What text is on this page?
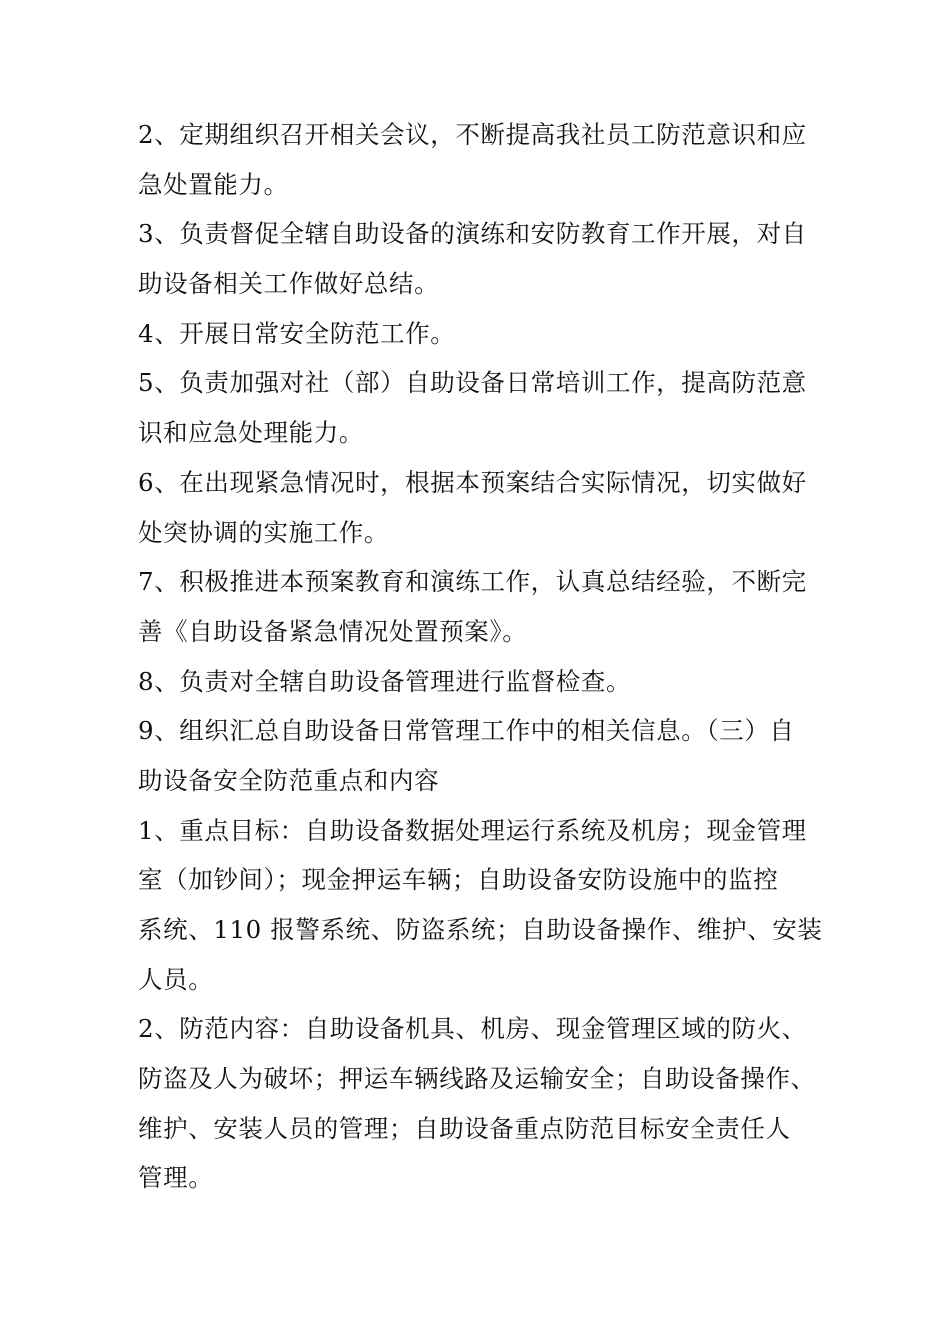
2、定期组织召开相关会议，不断提高我社员工防范意识和应
急处置能力。
3、负责督促全辖自助设备的演练和安防教育工作开展，对自
助设备相关工作做好总结。
4、开展日常安全防范工作。
5、负责加强对社（部）自助设备日常培训工作，提高防范意
识和应急处理能力。
6、在出现紧急情况时，根据本预案结合实际情况，切实做好
处突协调的实施工作。
7、积极推进本预案教育和演练工作，认真总结经验，不断完
善《自助设备紧急情况处置预案》。
8、负责对全辖自助设备管理进行监督检查。
9、组织汇总自助设备日常管理工作中的相关信息。（三）自
助设备安全防范重点和内容
1、重点目标：自助设备数据处理运行系统及机房；现金管理
室（加钞间）；现金押运车辆；自助设备安防设施中的监控
系统、110 报警系统、防盗系统；自助设备操作、维护、安装
人员。
2、防范内容：自助设备机具、机房、现金管理区域的防火、
防盗及人为破坏；押运车辆线路及运输安全；自助设备操作、
维护、安装人员的管理；自助设备重点防范目标安全责任人
管理。
